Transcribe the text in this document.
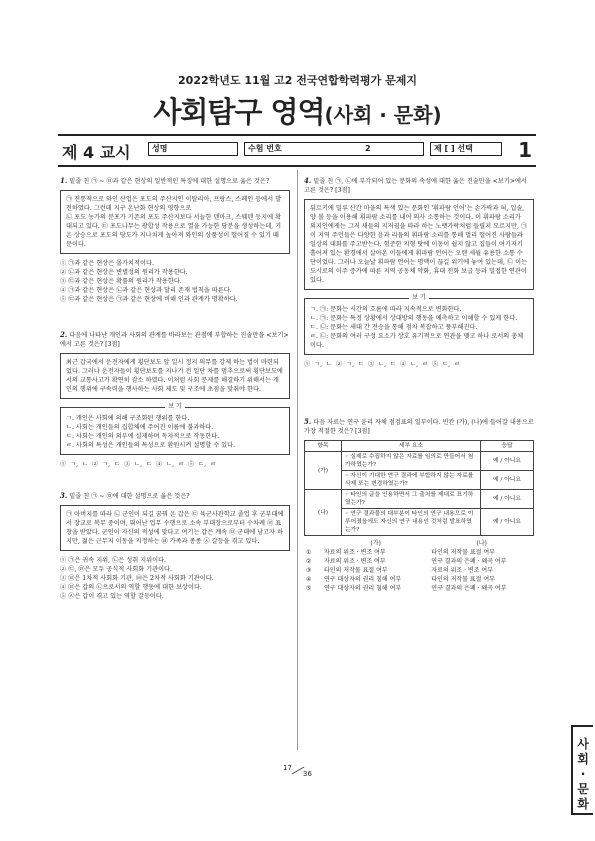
2022학년도 11월 고2 전국연합학력평가 문제지
사회탐구 영역(사회 · 문화)
제 4 교시	성명	수험 번호	2	제 [ ] 선택	1
1. 밑줄 친 ㉠ ~ ㉤과 같은 현상의 일반적인 특징에 대한 설명으로 옳은 것은?
㉠ 전통적으로 와인 산업은 포도의 주산지인 이탈리아, 프랑스, 스페인 등에서 발전하였다. 그런데 지구 온난화 현상의 영향으로
㉡ 포도 농가의 분포가 기존의 포도 주산지보다 서늘한 덴마크, 스웨덴 등지에 확대되고 있다. ㉢ 포도나무는 광합성 작용으로 열을 가능한 당분을 생성하는데, 기온 상승으로 포도의 당도가 지나치게 높아져 와인의 상품성이 떨어질 수 있기 때문이다.
① ㉠과 같은 현상은 몰가치적이다.
② ㉡과 같은 현상은 변별성의 원리가 작용한다.
③ ㉢과 같은 현상은 확률의 원리가 작용한다.
④ ㉠과 같은 현상은 ㉡과 같은 현상과 달리 존재 법칙을 따른다.
⑤ ㉢과 같은 현상은 ㉠과 같은 현상에 비해 인과 관계가 명확하다.
2. 다음에 나타난 개인과 사회의 관계를 바라보는 관점에 부합하는 진술만을 <보기>에서 고른 것은? [3점]
최근 갑국에서 운전자에게 횡단보도 앞 일시 정지 의무를 강제 하는 법이 마련되었다. 그러나 운전자들이 횡단보도를 지나기 전 일단 차를 멈추으로써 횡단보도에서의 교통사고가 확연히 감소 하였다. 이처럼 사회 문제를 해결하기 위해서는 개인의 행위에 구속력을 행사하는 사회 제도 및 구조에 초점을 맞춰야 한다.
보 기
ㄱ. 개인은 사회에 의해 구조화된 행위를 한다.
ㄴ. 사회는 개인들의 집합체에 주어진 이름에 불과하다.
ㄷ. 사회는 개인의 외부에 실재하며 독자적으로 작동한다.
ㄹ. 사회의 특성은 개인들의 특성으로 환원시켜 설명할 수 있다.
① ㄱ, ㄴ ② ㄱ, ㄷ ③ ㄴ, ㄷ ④ ㄴ, ㄹ ⑤ ㄷ, ㄹ
3. 밑줄 친 ㉠ ~ ㉧에 대한 설명으로 옳은 것은?
㉠ 아버지를 따라 ㉡ 군인이 되길 꿈꿔 온 갑은 ㉢ 육군사관학교 졸업 후 군부대에서 장교로 복무 중이며, 뛰어난 업무 수행으로 소속 부대장으로부터 수차례 ㉣ 표창을 받았다. 군인이 자신의 적성에 맞다고 여기는 갑은 계속 ㉤ 군대에 남고자 하지만, 젊은 근무지 이동을 지정하는 ㉥ 가족과 종종 ㉦ 갈등을 겪고 있다.
① ㉠은 귀속 지위, ㉡은 성취 지위이다.
② ㉢, ㉤은 모두 공식적 사회화 기관이다.
③ ㉣은 1차적 사회화 기관, ㉥은 2차적 사회화 기관이다.
④ ㉣은 갑의 ㉡으로서의 역할 행동에 대한 보상이다.
⑤ ㉦은 갑이 겪고 있는 역할 갈등이다.
4. 밑줄 친 ㉠, ㉡에 부각되어 있는 문화의 속성에 대한 옳은 진술만을 <보기>에서 고른 것은? [3점]
뒤르키에 밀루 산간 마을의 특색 있는 문화인 '휘파람 언어'는 손가락과 혀, 입술, 양 볼 등을 이용해 휘파람 소리를 내어 의사 소통하는 것이다. 이 휘파람 소리가 외지인에게는 그저 새들의 지저귐을 따라 하는 노랫가락처럼 들릴지 모르지만, ㉠ 이 지역 주민들은 다양한 음과 리듬의 휘파람 소리를 통해 멀리 떨어진 사람들과 일상의 대화를 주고받는다. 험준한 지형 탓에 이동이 쉽지 않고 집들이 여기저기 흩어져 있는 환경에서 살아온 이들에게 휘파람 언어는 오랜 세월 유용한 소통 수단이었다. 그러나 오늘날 휘파람 언어는 명맥이 끊길 위기에 놓여 있는데, ㉡ 이는 도시로의 이주 증가에 따른 지역 공동체 약화, 휴대 전화 보급 등과 밀접한 연관이 있다.
보 기
ㄱ. ㉠: 문화는 시간의 흐름에 따라 지속적으로 변화한다.
ㄴ. ㉠: 문화는 특정 상황에서 상대방의 행동을 예측하고 이해할 수 있게 한다.
ㄷ. ㉡: 문화는 세대 간 전승을 통해 점차 복잡하고 풍부해진다.
ㄹ. ㉡: 문화의 여러 구성 요소가 상호 유기적으로 연관을 맺고 하나 로서의 총체이다.
① ㄱ, ㄴ ② ㄱ, ㄷ ③ ㄴ, ㄷ ④ ㄴ, ㄹ ⑤ ㄷ, ㄹ
5. 다음 자료는 연구 윤리 자체 점검표의 일부이다. 빈칸 (가), (나)에 들어갈 내용으로 가장 적절한 것은? [3점]
항목	세부 요소	응답
(가)	◦ 실제로 수집하지 않은 자료를 임의로 만들어서 첨가하였는가?	예 / 아니요
	◦ 자신이 기대한 연구 결과에 부합하지 않는 자료를 삭제 또는 변경하였는가?	예 / 아니요
(나)	◦ 타인의 글을 인용하면서 그 출처를 제대로 표기하였는가?	예 / 아니요
	◦ 연구 결과물의 대부분이 타인의 연구 내용으로 이루어졌음에도 자신의 연구 내용인 것처럼 발표하였는가?	예 / 아니요
	(가)	(나)
①	자료의 위조 · 변조 여부	타인의 저작물 표절 여부
②	자료의 위조 · 변조 여부	연구 결과의 은폐 · 왜곡 여부
③	타인의 저작물 표절 여부	자료의 위조 · 변조 여부
④	연구 대상자의 권리 침해 여부	타인의 저작물 표절 여부
⑤	연구 대상자의 권리 침해 여부	연구 결과의 은폐 · 왜곡 여부
사
회
·
문
화
17
36
